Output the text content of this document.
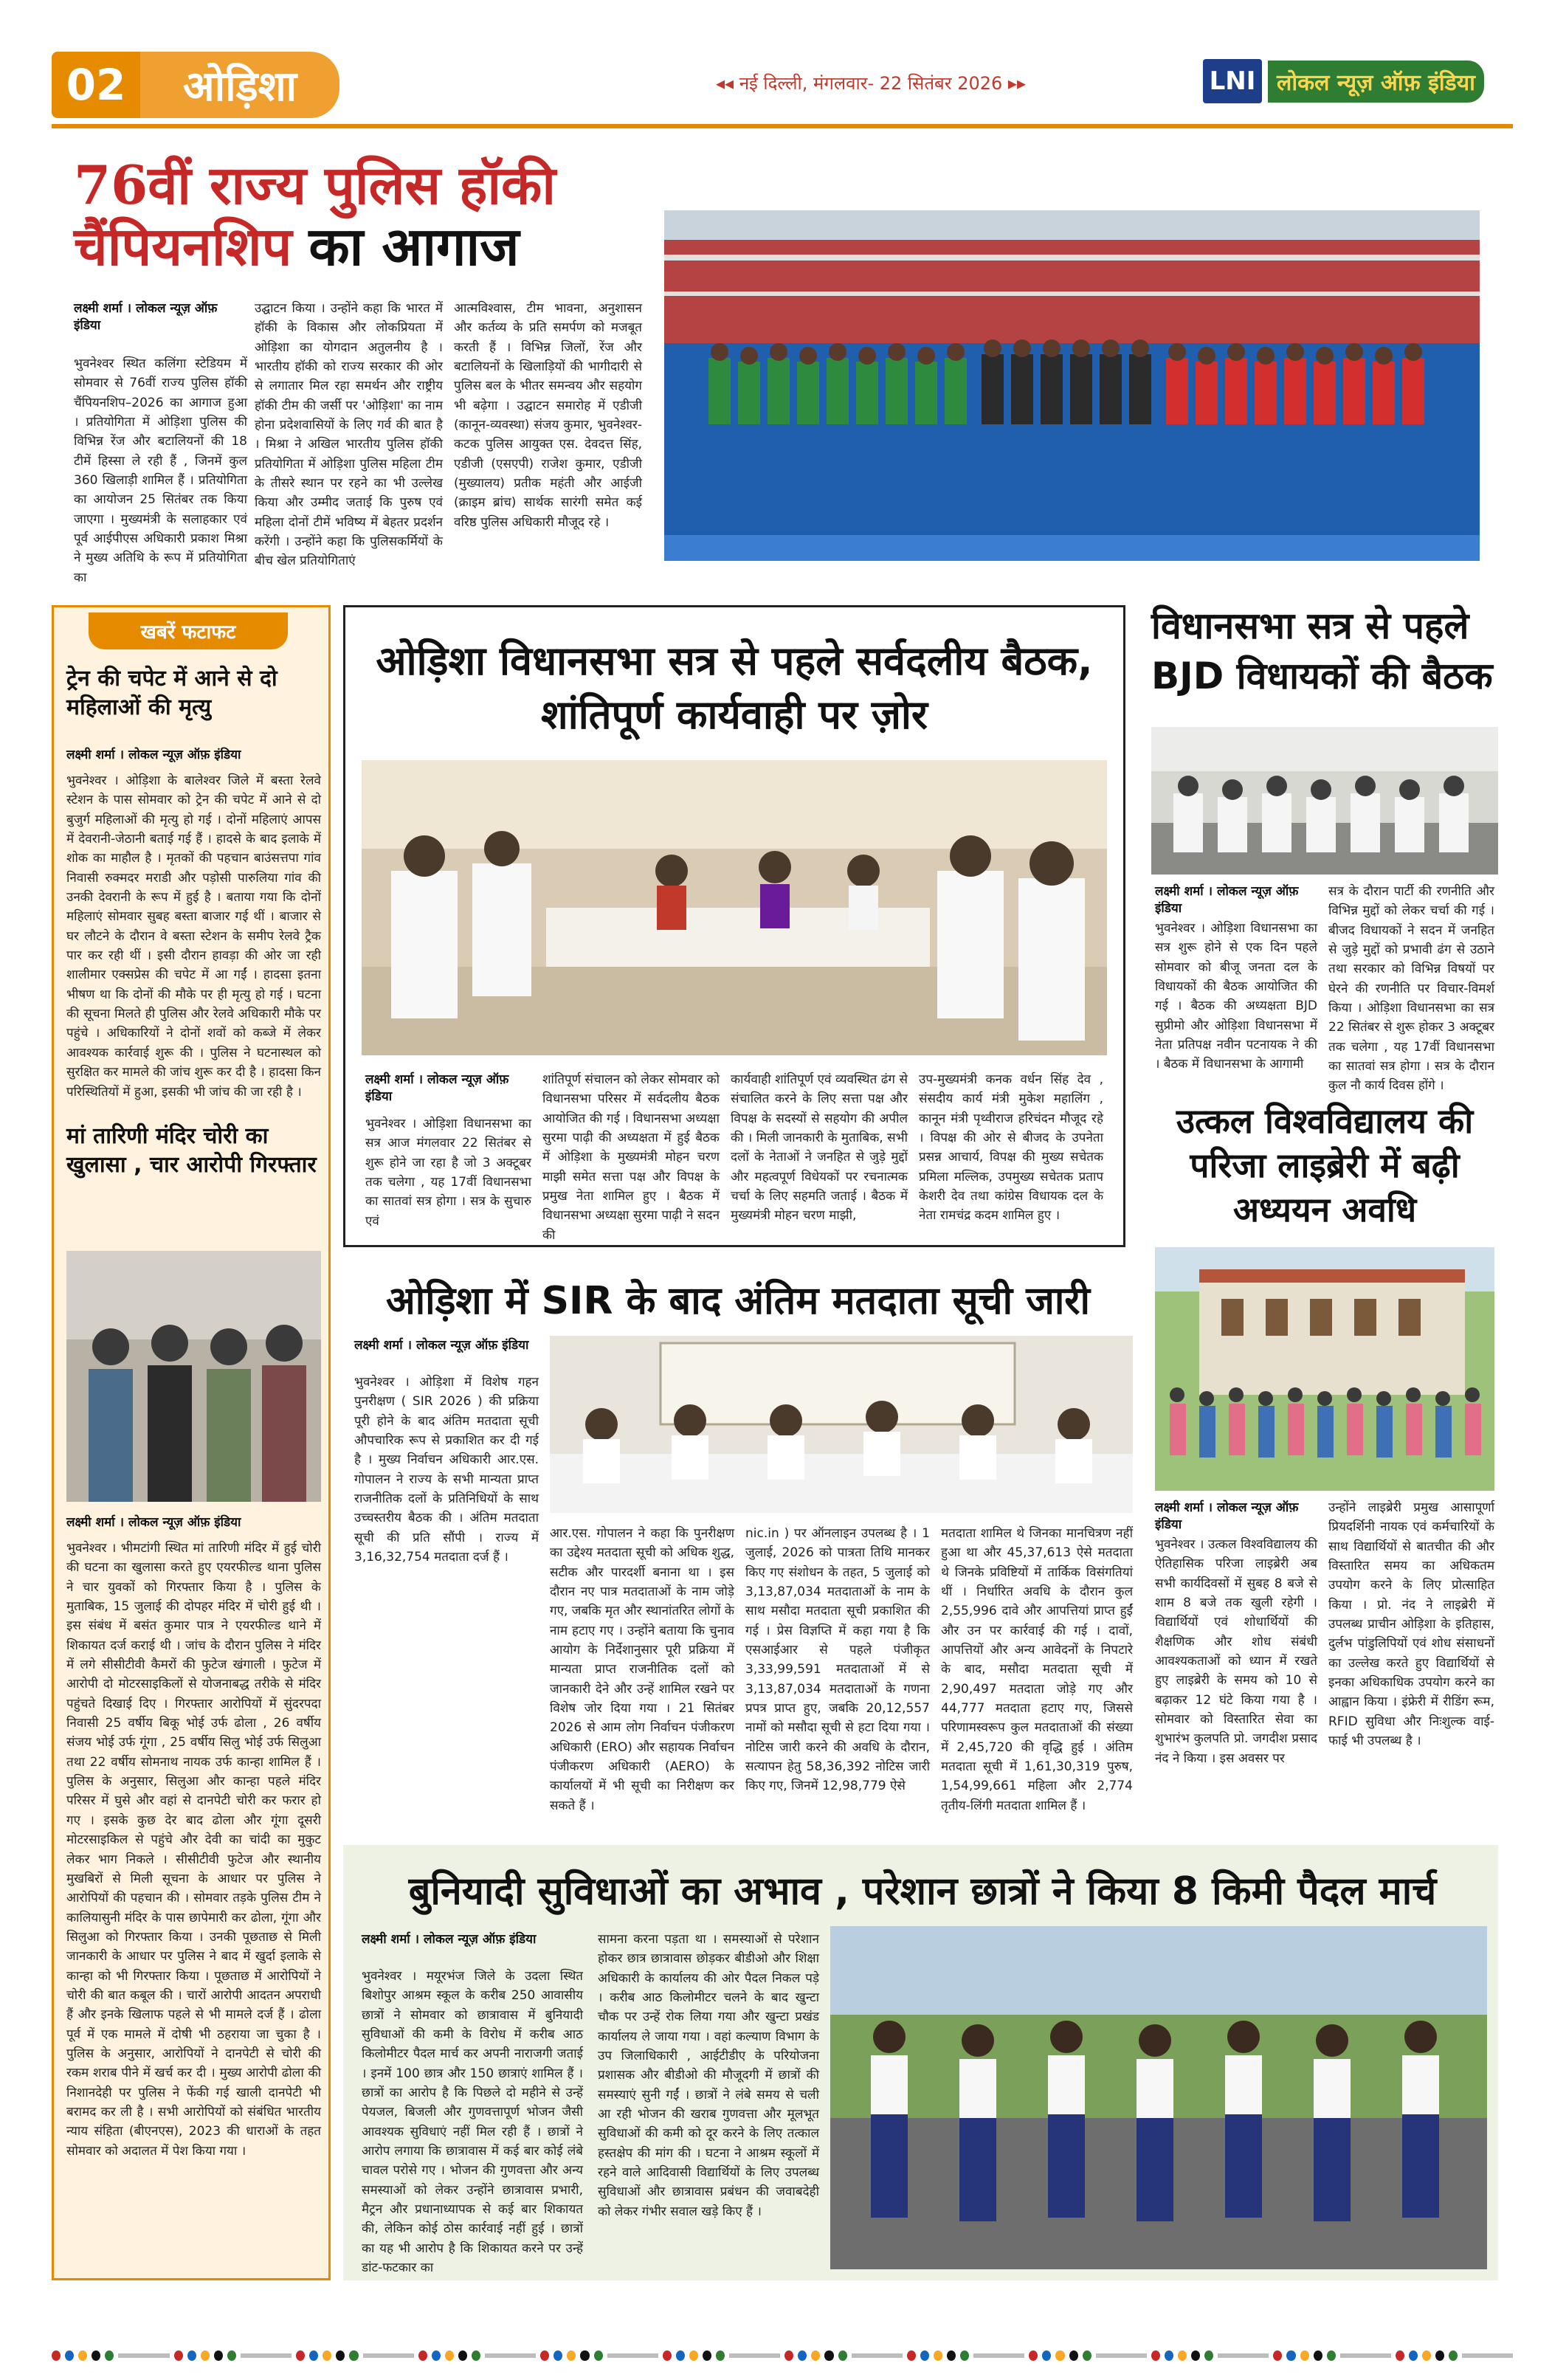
02	ओड़िशा	◂◂ नई दिल्ली, मंगलवार- 22 सितंबर 2026 ▸▸	LNI लोकल न्यूज़ ऑफ़ इंडिया
76वीं राज्य पुलिस हॉकी
चैंपियनशिप का आगाज
लक्ष्मी शर्मा । लोकल न्यूज़ ऑफ़ इंडिया
भुवनेश्वर स्थित कलिंगा स्टेडियम में सोमवार से 76वीं राज्य पुलिस हॉकी चैंपियनशिप–2026 का आगाज हुआ । प्रतियोगिता में ओड़िशा पुलिस की विभिन्न रेंज और बटालियनों की 18 टीमें हिस्सा ले रही हैं , जिनमें कुल 360 खिलाड़ी शामिल हैं । प्रतियोगिता का आयोजन 25 सितंबर तक किया जाएगा । मुख्यमंत्री के सलाहकार एवं पूर्व आईपीएस अधिकारी प्रकाश मिश्रा ने मुख्य अतिथि के रूप में प्रतियोगिता का
उद्घाटन किया । उन्होंने कहा कि भारत में हॉकी के विकास और लोकप्रियता में ओड़िशा का योगदान अतुलनीय है । भारतीय हॉकी को राज्य सरकार की ओर से लगातार मिल रहा समर्थन और राष्ट्रीय हॉकी टीम की जर्सी पर 'ओड़िशा' का नाम होना प्रदेशवासियों के लिए गर्व की बात है । मिश्रा ने अखिल भारतीय पुलिस हॉकी प्रतियोगिता में ओड़िशा पुलिस महिला टीम के तीसरे स्थान पर रहने का भी उल्लेख किया और उम्मीद जताई कि पुरुष एवं महिला दोनों टीमें भविष्य में बेहतर प्रदर्शन करेंगी । उन्होंने कहा कि पुलिसकर्मियों के बीच खेल प्रतियोगिताएं
आत्मविश्वास, टीम भावना, अनुशासन और कर्तव्य के प्रति समर्पण को मजबूत करती हैं । विभिन्न जिलों, रेंज और बटालियनों के खिलाड़ियों की भागीदारी से पुलिस बल के भीतर समन्वय और सहयोग भी बढ़ेगा । उद्घाटन समारोह में एडीजी (कानून-व्यवस्था) संजय कुमार, भुवनेश्वर- कटक पुलिस आयुक्त एस. देवदत्त सिंह, एडीजी (एसएपी) राजेश कुमार, एडीजी (मुख्यालय) प्रतीक महंती और आईजी (क्राइम ब्रांच) सार्थक सारंगी समेत कई वरिष्ठ पुलिस अधिकारी मौजूद रहे ।
खबरें फटाफट
ट्रेन की चपेट में आने से दो महिलाओं की मृत्यु
लक्ष्मी शर्मा । लोकल न्यूज़ ऑफ़ इंडिया
भुवनेश्वर । ओड़िशा के बालेश्वर जिले में बस्ता रेलवे स्टेशन के पास सोमवार को ट्रेन की चपेट में आने से दो बुजुर्ग महिलाओं की मृत्यु हो गई । दोनों महिलाएं आपस में देवरानी-जेठानी बताई गई हैं । हादसे के बाद इलाके में शोक का माहौल है । मृतकों की पहचान बाउंसत्तपा गांव निवासी रुक्मदर मराडी और पड़ोसी पारुलिया गांव की उनकी देवरानी के रूप में हुई है । बताया गया कि दोनों महिलाएं सोमवार सुबह बस्ता बाजार गई थीं । बाजार से घर लौटने के दौरान वे बस्ता स्टेशन के समीप रेलवे ट्रैक पार कर रही थीं । इसी दौरान हावड़ा की ओर जा रही शालीमार एक्सप्रेस की चपेट में आ गईं । हादसा इतना भीषण था कि दोनों की मौके पर ही मृत्यु हो गई । घटना की सूचना मिलते ही पुलिस और रेलवे अधिकारी मौके पर पहुंचे । अधिकारियों ने दोनों शवों को कब्जे में लेकर आवश्यक कार्रवाई शुरू की । पुलिस ने घटनास्थल को सुरक्षित कर मामले की जांच शुरू कर दी है । हादसा किन परिस्थितियों में हुआ, इसकी भी जांच की जा रही है ।
मां तारिणी मंदिर चोरी का खुलासा , चार आरोपी गिरफ्तार
लक्ष्मी शर्मा । लोकल न्यूज़ ऑफ़ इंडिया
भुवनेश्वर । भीमटांगी स्थित मां तारिणी मंदिर में हुई चोरी की घटना का खुलासा करते हुए एयरफील्ड थाना पुलिस ने चार युवकों को गिरफ्तार किया है । पुलिस के मुताबिक, 15 जुलाई की दोपहर मंदिर में चोरी हुई थी । इस संबंध में बसंत कुमार पात्र ने एयरफील्ड थाने में शिकायत दर्ज कराई थी । जांच के दौरान पुलिस ने मंदिर में लगे सीसीटीवी कैमरों की फुटेज खंगाली । फुटेज में आरोपी दो मोटरसाइकिलों से योजनाबद्ध तरीके से मंदिर पहुंचते दिखाई दिए । गिरफ्तार आरोपियों में सुंदरपदा निवासी 25 वर्षीय बिकू भोई उर्फ ढोला , 26 वर्षीय संजय भोई उर्फ गूंगा , 25 वर्षीय सिलु भोई उर्फ सिलुआ तथा 22 वर्षीय सोमनाथ नायक उर्फ कान्हा शामिल हैं । पुलिस के अनुसार, सिलुआ और कान्हा पहले मंदिर परिसर में घुसे और वहां से दानपेटी चोरी कर फरार हो गए । इसके कुछ देर बाद ढोला और गूंगा दूसरी मोटरसाइकिल से पहुंचे और देवी का चांदी का मुकुट लेकर भाग निकले । सीसीटीवी फुटेज और स्थानीय मुखबिरों से मिली सूचना के आधार पर पुलिस ने आरोपियों की पहचान की । सोमवार तड़के पुलिस टीम ने कालियासुनी मंदिर के पास छापेमारी कर ढोला, गूंगा और सिलुआ को गिरफ्तार किया । उनकी पूछताछ से मिली जानकारी के आधार पर पुलिस ने बाद में खुर्दा इलाके से कान्हा को भी गिरफ्तार किया । पूछताछ में आरोपियों ने चोरी की बात कबूल की । चारों आरोपी आदतन अपराधी हैं और इनके खिलाफ पहले से भी मामले दर्ज हैं । ढोला पूर्व में एक मामले में दोषी भी ठहराया जा चुका है । पुलिस के अनुसार, आरोपियों ने दानपेटी से चोरी की रकम शराब पीने में खर्च कर दी । मुख्य आरोपी ढोला की निशानदेही पर पुलिस ने फेंकी गई खाली दानपेटी भी बरामद कर ली है । सभी आरोपियों को संबंधित भारतीय न्याय संहिता (बीएनएस), 2023 की धाराओं के तहत सोमवार को अदालत में पेश किया गया ।
ओड़िशा विधानसभा सत्र से पहले सर्वदलीय बैठक, शांतिपूर्ण कार्यवाही पर ज़ोर
लक्ष्मी शर्मा । लोकल न्यूज़ ऑफ़ इंडिया
भुवनेश्वर । ओड़िशा विधानसभा का सत्र आज मंगलवार 22 सितंबर से शुरू होने जा रहा है जो 3 अक्टूबर तक चलेगा , यह 17वीं विधानसभा का सातवां सत्र होगा । सत्र के सुचारु एवं
शांतिपूर्ण संचालन को लेकर सोमवार को विधानसभा परिसर में सर्वदलीय बैठक आयोजित की गई । विधानसभा अध्यक्षा सुरमा पाढ़ी की अध्यक्षता में हुई बैठक में ओड़िशा के मुख्यमंत्री मोहन चरण माझी समेत सत्ता पक्ष और विपक्ष के प्रमुख नेता शामिल हुए । बैठक में विधानसभा अध्यक्षा सुरमा पाढ़ी ने सदन की
कार्यवाही शांतिपूर्ण एवं व्यवस्थित ढंग से संचालित करने के लिए सत्ता पक्ष और विपक्ष के सदस्यों से सहयोग की अपील की । मिली जानकारी के मुताबिक, सभी दलों के नेताओं ने जनहित से जुड़े मुद्दों और महत्वपूर्ण विधेयकों पर रचनात्मक चर्चा के लिए सहमति जताई । बैठक में मुख्यमंत्री मोहन चरण माझी,
उप-मुख्यमंत्री कनक वर्धन सिंह देव , संसदीय कार्य मंत्री मुकेश महालिंग , कानून मंत्री पृथ्वीराज हरिचंदन मौजूद रहे । विपक्ष की ओर से बीजद के उपनेता प्रसन्न आचार्य, विपक्ष की मुख्य सचेतक प्रमिला मल्लिक, उपमुख्य सचेतक प्रताप केशरी देव तथा कांग्रेस विधायक दल के नेता रामचंद्र कदम शामिल हुए ।
विधानसभा सत्र से पहले BJD विधायकों की बैठक
लक्ष्मी शर्मा । लोकल न्यूज़ ऑफ़ इंडिया
भुवनेश्वर । ओड़िशा विधानसभा का सत्र शुरू होने से एक दिन पहले सोमवार को बीजू जनता दल के विधायकों की बैठक आयोजित की गई । बैठक की अध्यक्षता BJD सुप्रीमो और ओड़िशा विधानसभा में नेता प्रतिपक्ष नवीन पटनायक ने की । बैठक में विधानसभा के आगामी
सत्र के दौरान पार्टी की रणनीति और विभिन्न मुद्दों को लेकर चर्चा की गई । बीजद विधायकों ने सदन में जनहित से जुड़े मुद्दों को प्रभावी ढंग से उठाने तथा सरकार को विभिन्न विषयों पर घेरने की रणनीति पर विचार-विमर्श किया । ओड़िशा विधानसभा का सत्र 22 सितंबर से शुरू होकर 3 अक्टूबर तक चलेगा , यह 17वीं विधानसभा का सातवां सत्र होगा । सत्र के दौरान कुल नौ कार्य दिवस होंगे ।
उत्कल विश्वविद्यालय की परिजा लाइब्रेरी में बढ़ी अध्ययन अवधि
लक्ष्मी शर्मा । लोकल न्यूज़ ऑफ़ इंडिया
भुवनेश्वर । उत्कल विश्वविद्यालय की ऐतिहासिक परिजा लाइब्रेरी अब सभी कार्यदिवसों में सुबह 8 बजे से शाम 8 बजे तक खुली रहेगी । विद्यार्थियों एवं शोधार्थियों की शैक्षणिक और शोध संबंधी आवश्यकताओं को ध्यान में रखते हुए लाइब्रेरी के समय को 10 से बढ़ाकर 12 घंटे किया गया है । सोमवार को विस्तारित सेवा का शुभारंभ कुलपति प्रो. जगदीश प्रसाद नंद ने किया । इस अवसर पर
उन्होंने लाइब्रेरी प्रमुख आसापूर्णा प्रियदर्शिनी नायक एवं कर्मचारियों के साथ विद्यार्थियों से बातचीत की और विस्तारित समय का अधिकतम उपयोग करने के लिए प्रोत्साहित किया । प्रो. नंद ने लाइब्रेरी में उपलब्ध प्राचीन ओड़िशा के इतिहास, दुर्लभ पांडुलिपियों एवं शोध संसाधनों का उल्लेख करते हुए विद्यार्थियों से इनका अधिकाधिक उपयोग करने का आह्वान किया । इंफ्रेरी में रीडिंग रूम, RFID सुविधा और निःशुल्क वाई-फाई भी उपलब्ध है ।
ओड़िशा में SIR के बाद अंतिम मतदाता सूची जारी
लक्ष्मी शर्मा । लोकल न्यूज़ ऑफ़ इंडिया
भुवनेश्वर । ओड़िशा में विशेष गहन पुनरीक्षण ( SIR 2026 ) की प्रक्रिया पूरी होने के बाद अंतिम मतदाता सूची औपचारिक रूप से प्रकाशित कर दी गई है । मुख्य निर्वाचन अधिकारी आर.एस. गोपालन ने राज्य के सभी मान्यता प्राप्त राजनीतिक दलों के प्रतिनिधियों के साथ उच्चस्तरीय बैठक की । अंतिम मतदाता सूची की प्रति सौंपी । राज्य में 3,16,32,754 मतदाता दर्ज हैं ।
आर.एस. गोपालन ने कहा कि पुनरीक्षण का उद्देश्य मतदाता सूची को अधिक शुद्ध, सटीक और पारदर्शी बनाना था । इस दौरान नए पात्र मतदाताओं के नाम जोड़े गए, जबकि मृत और स्थानांतरित लोगों के नाम हटाए गए । उन्होंने बताया कि चुनाव आयोग के निर्देशानुसार पूरी प्रक्रिया में मान्यता प्राप्त राजनीतिक दलों को जानकारी देने और उन्हें शामिल रखने पर विशेष जोर दिया गया । 21 सितंबर 2026 से आम लोग निर्वाचन पंजीकरण अधिकारी (ERO) और सहायक निर्वाचन पंजीकरण अधिकारी (AERO) के कार्यालयों में भी सूची का निरीक्षण कर सकते हैं ।
nic.in ) पर ऑनलाइन उपलब्ध है । 1 जुलाई, 2026 को पात्रता तिथि मानकर किए गए संशोधन के तहत, 5 जुलाई को 3,13,87,034 मतदाताओं के नाम के साथ मसौदा मतदाता सूची प्रकाशित की गई । प्रेस विज्ञप्ति में कहा गया है कि एसआईआर से पहले पंजीकृत 3,33,99,591 मतदाताओं में से 3,13,87,034 मतदाताओं के गणना प्रपत्र प्राप्त हुए, जबकि 20,12,557 नामों को मसौदा सूची से हटा दिया गया । नोटिस जारी करने की अवधि के दौरान, सत्यापन हेतु 58,36,392 नोटिस जारी किए गए, जिनमें 12,98,779 ऐसे
मतदाता शामिल थे जिनका मानचित्रण नहीं हुआ था और 45,37,613 ऐसे मतदाता थे जिनके प्रविष्टियों में तार्किक विसंगतियां थीं । निर्धारित अवधि के दौरान कुल 2,55,996 दावे और आपत्तियां प्राप्त हुईं और उन पर कार्रवाई की गई । दावों, आपत्तियों और अन्य आवेदनों के निपटारे के बाद, मसौदा मतदाता सूची में 2,90,497 मतदाता जोड़े गए और 44,777 मतदाता हटाए गए, जिससे परिणामस्वरूप कुल मतदाताओं की संख्या में 2,45,720 की वृद्धि हुई । अंतिम मतदाता सूची में 1,61,30,319 पुरुष, 1,54,99,661 महिला और 2,774 तृतीय-लिंगी मतदाता शामिल हैं ।
बुनियादी सुविधाओं का अभाव , परेशान छात्रों ने किया 8 किमी पैदल मार्च
लक्ष्मी शर्मा । लोकल न्यूज़ ऑफ़ इंडिया
भुवनेश्वर । मयूरभंज जिले के उदला स्थित बिशोपुर आश्रम स्कूल के करीब 250 आवासीय छात्रों ने सोमवार को छात्रावास में बुनियादी सुविधाओं की कमी के विरोध में करीब आठ किलोमीटर पैदल मार्च कर अपनी नाराजगी जताई । इनमें 100 छात्र और 150 छात्राएं शामिल हैं । छात्रों का आरोप है कि पिछले दो महीने से उन्हें पेयजल, बिजली और गुणवत्तापूर्ण भोजन जैसी आवश्यक सुविधाएं नहीं मिल रही हैं । छात्रों ने आरोप लगाया कि छात्रावास में कई बार कोई लंबे चावल परोसे गए । भोजन की गुणवत्ता और अन्य समस्याओं को लेकर उन्होंने छात्रावास प्रभारी, मैट्रन और प्रधानाध्यापक से कई बार शिकायत की, लेकिन कोई ठोस कार्रवाई नहीं हुई । छात्रों का यह भी आरोप है कि शिकायत करने पर उन्हें डांट-फटकार का
सामना करना पड़ता था । समस्याओं से परेशान होकर छात्र छात्रावास छोड़कर बीडीओ और शिक्षा अधिकारी के कार्यालय की ओर पैदल निकल पड़े । करीब आठ किलोमीटर चलने के बाद खुन्टा चौक पर उन्हें रोक लिया गया और खुन्टा प्रखंड कार्यालय ले जाया गया । वहां कल्याण विभाग के उप जिलाधिकारी , आईटीडीए के परियोजना प्रशासक और बीडीओ की मौजूदगी में छात्रों की समस्याएं सुनी गईं । छात्रों ने लंबे समय से चली आ रही भोजन की खराब गुणवत्ता और मूलभूत सुविधाओं की कमी को दूर करने के लिए तत्काल हस्तक्षेप की मांग की । घटना ने आश्रम स्कूलों में रहने वाले आदिवासी विद्यार्थियों के लिए उपलब्ध सुविधाओं और छात्रावास प्रबंधन की जवाबदेही को लेकर गंभीर सवाल खड़े किए हैं ।
